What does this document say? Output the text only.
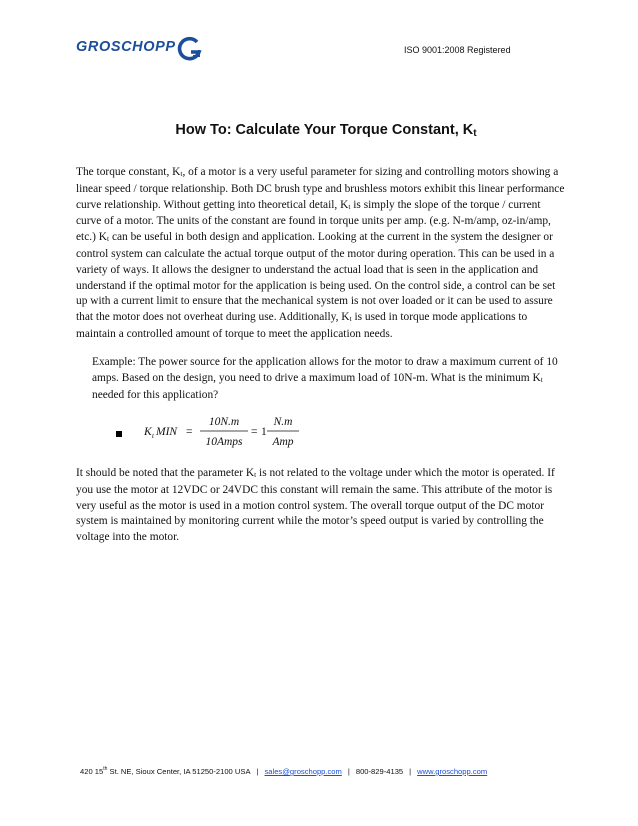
GROSCHOPP	ISO 9001:2008 Registered
How To: Calculate Your Torque Constant, $K_t$

The torque constant, $K_t$, of a motor is a very useful parameter for sizing and controlling motors showing a linear speed / torque relationship. Both DC brush type and brushless motors exhibit this linear performance curve relationship. Without getting into theoretical detail, $K_t$ is simply the slope of the torque / current curve of a motor. The units of the constant are found in torque units per amp. (e.g. N-m/amp, oz-in/amp, etc.) $K_t$ can be useful in both design and application. Looking at the current in the system the designer or control system can calculate the actual torque output of the motor during operation. This can be used in a variety of ways. It allows the designer to understand the actual load that is seen in the application and understand if the optimal motor for the application is being used. On the control side, a control can be set up with a current limit to ensure that the mechanical system is not over loaded or it can be used to assure that the motor does not overheat during use. Additionally, $K_t$ is used in torque mode applications to maintain a controlled amount of torque to meet the application needs.

Example: The power source for the application allows for the motor to draw a maximum current of 10 amps. Based on the design, you need to drive a maximum load of 10N-m. What is the minimum $K_t$ needed for this application?

K t MIN =
10N.m
10Amps
= 1
N.m
Amp

It should be noted that the parameter $K_t$ is not related to the voltage under which the motor is operated. If you use the motor at 12VDC or 24VDC this constant will remain the same. This attribute of the motor is very useful as the motor is used in a motion control system. The overall torque output of the DC motor system is maintained by monitoring current while the motor’s speed output is varied by controlling the voltage into the motor.

420 15th St. NE, Sioux Center, IA 51250-2100 USA | sales@groschopp.com | 800-829-4135 | www.groschopp.com
